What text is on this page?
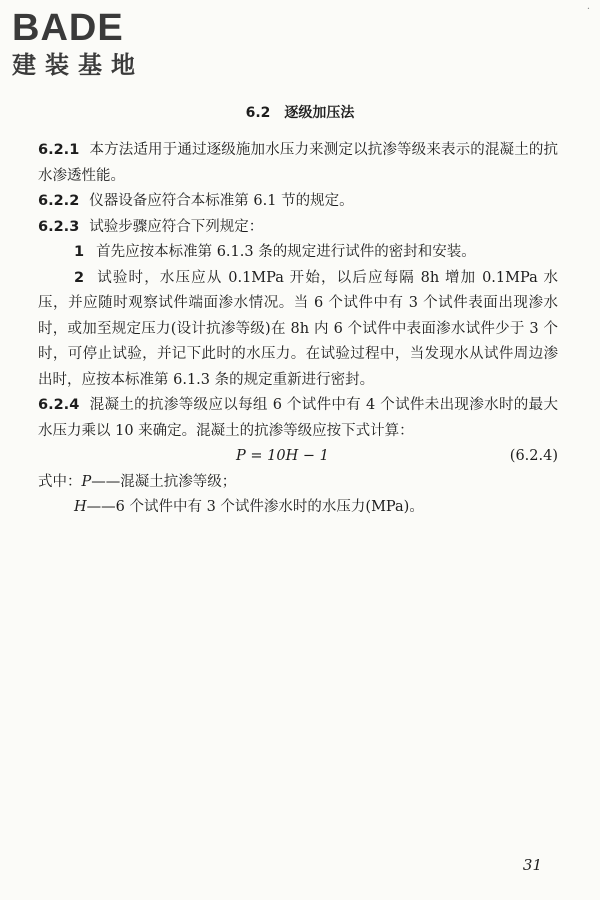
BADE
建装基地
·
6.2 逐级加压法

6.2.1 本方法适用于通过逐级施加水压力来测定以抗渗等级来表示的混凝土的抗水渗透性能。

6.2.2 仪器设备应符合本标准第 6.1 节的规定。

6.2.3 试验步骤应符合下列规定：

1 首先应按本标准第 6.1.3 条的规定进行试件的密封和安装。

2 试验时，水压应从 0.1MPa 开始，以后应每隔 8h 增加 0.1MPa 水压，并应随时观察试件端面渗水情况。当 6 个试件中有 3 个试件表面出现渗水时，或加至规定压力(设计抗渗等级)在 8h 内 6 个试件中表面渗水试件少于 3 个时，可停止试验，并记下此时的水压力。在试验过程中，当发现水从试件周边渗出时，应按本标准第 6.1.3 条的规定重新进行密封。

6.2.4 混凝土的抗渗等级应以每组 6 个试件中有 4 个试件未出现渗水时的最大水压力乘以 10 来确定。混凝土的抗渗等级应按下式计算：

P = 10H − 1	(6.2.4)

式中：P——混凝土抗渗等级；

H——6 个试件中有 3 个试件渗水时的水压力(MPa)。

31
